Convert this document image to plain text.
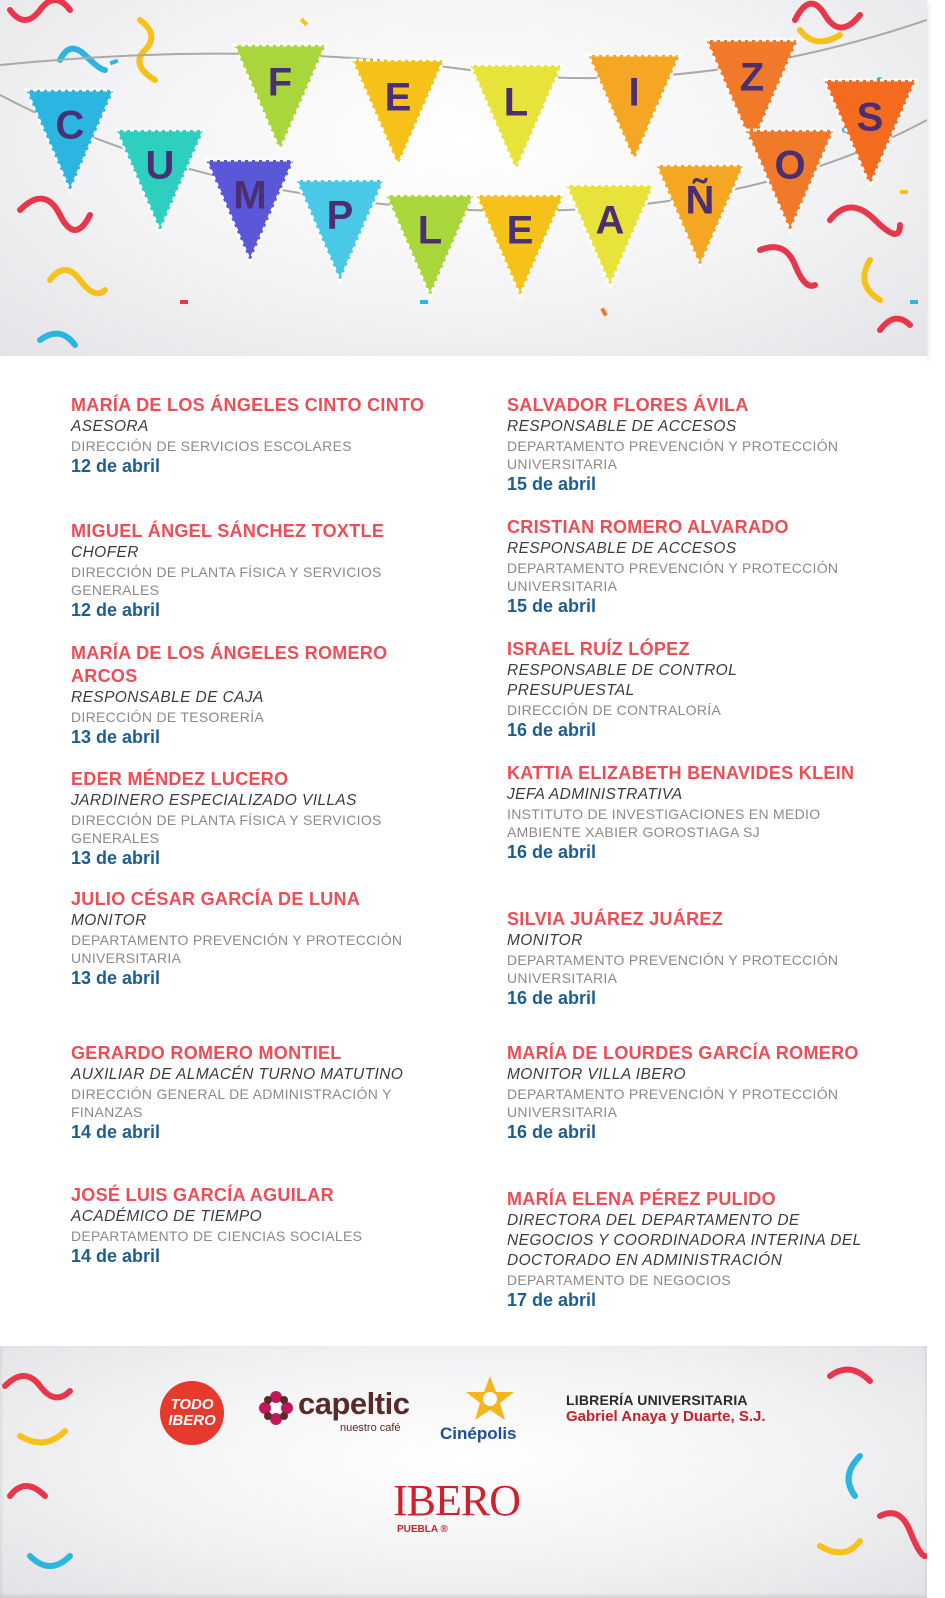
F E L	I	Z
S
C
U
M P L E A Ñ
O
MARÍA DE LOS ÁNGELES CINTO CINTO
ASESORA
DIRECCIÓN DE SERVICIOS ESCOLARES
12 de abril
MIGUEL ÁNGEL SÁNCHEZ TOXTLE
CHOFER
DIRECCIÓN DE PLANTA FÍSICA Y SERVICIOS GENERALES
12 de abril
MARÍA DE LOS ÁNGELES ROMERO ARCOS
RESPONSABLE DE CAJA
DIRECCIÓN DE TESORERÍA
13 de abril
EDER MÉNDEZ LUCERO
JARDINERO ESPECIALIZADO VILLAS
DIRECCIÓN DE PLANTA FÍSICA Y SERVICIOS GENERALES
13 de abril
JULIO CÉSAR GARCÍA DE LUNA
MONITOR
DEPARTAMENTO PREVENCIÓN Y PROTECCIÓN UNIVERSITARIA
13 de abril
GERARDO ROMERO MONTIEL
AUXILIAR DE ALMACÉN TURNO MATUTINO
DIRECCIÓN GENERAL DE ADMINISTRACIÓN Y FINANZAS
14 de abril
JOSÉ LUIS GARCÍA AGUILAR
ACADÉMICO DE TIEMPO
DEPARTAMENTO DE CIENCIAS SOCIALES
14 de abril
SALVADOR FLORES ÁVILA
RESPONSABLE DE ACCESOS
DEPARTAMENTO PREVENCIÓN Y PROTECCIÓN UNIVERSITARIA
15 de abril
CRISTIAN ROMERO ALVARADO
RESPONSABLE DE ACCESOS
DEPARTAMENTO PREVENCIÓN Y PROTECCIÓN UNIVERSITARIA
15 de abril
ISRAEL RUÍZ LÓPEZ
RESPONSABLE DE CONTROL PRESUPUESTAL
DIRECCIÓN DE CONTRALORÍA
16 de abril
KATTIA ELIZABETH BENAVIDES KLEIN
JEFA ADMINISTRATIVA
INSTITUTO DE INVESTIGACIONES EN MEDIO AMBIENTE XABIER GOROSTIAGA SJ
16 de abril
SILVIA JUÁREZ JUÁREZ
MONITOR
DEPARTAMENTO PREVENCIÓN Y PROTECCIÓN UNIVERSITARIA
16 de abril
MARÍA DE LOURDES GARCÍA ROMERO
MONITOR VILLA IBERO
DEPARTAMENTO PREVENCIÓN Y PROTECCIÓN UNIVERSITARIA
16 de abril
MARÍA ELENA PÉREZ PULIDO
DIRECTORA DEL DEPARTAMENTO DE NEGOCIOS Y COORDINADORA INTERINA DEL DOCTORADO EN ADMINISTRACIÓN
DEPARTAMENTO DE NEGOCIOS
17 de abril
TODO
IBERO	capeltic
nuestro café Cinépolis
LIBRERÍA UNIVERSITARIA
Gabriel Anaya y Duarte, S.J.
IBERO
PUEBLA ®
